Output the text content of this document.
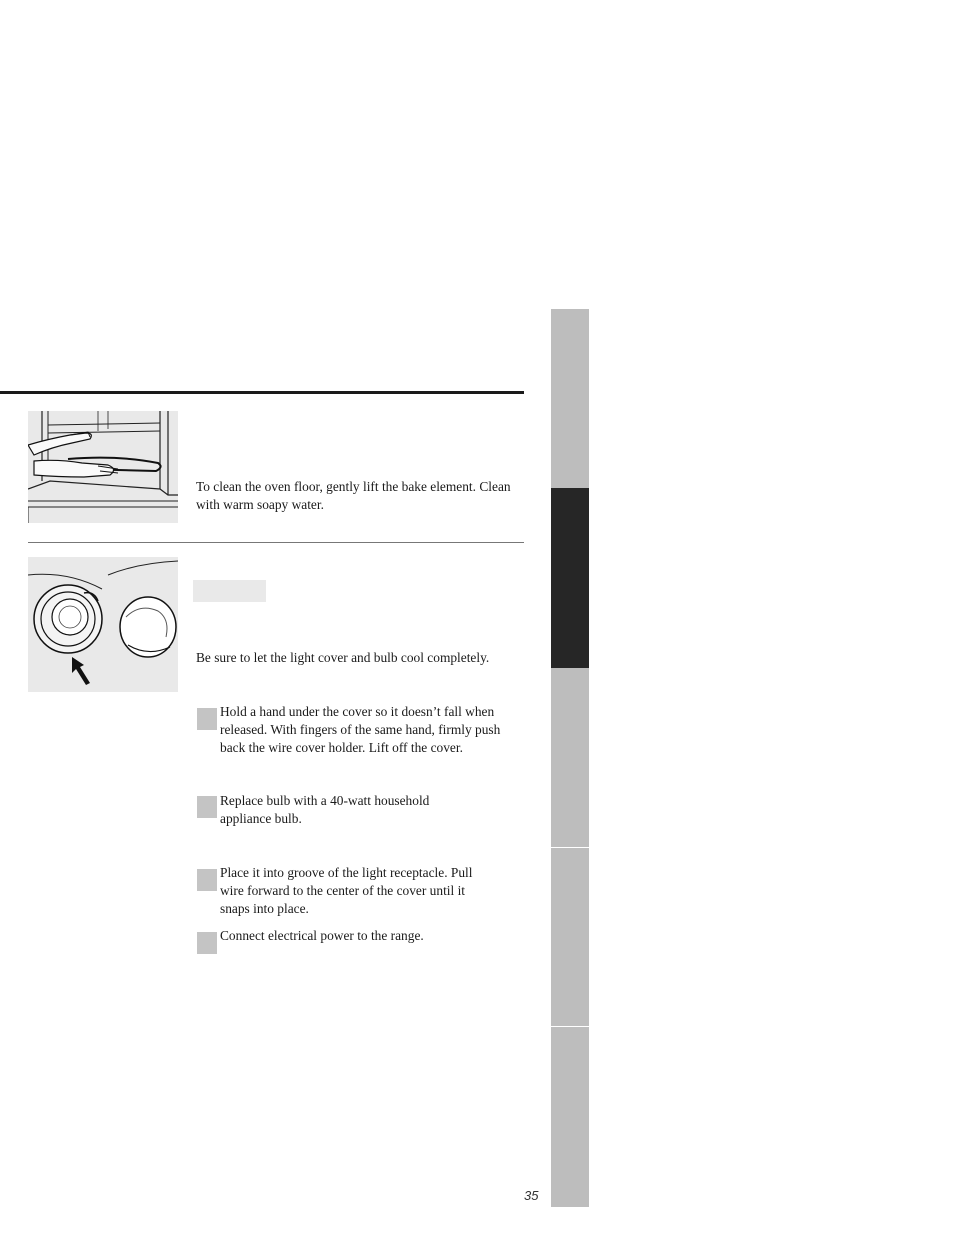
To clean the oven floor, gently lift the bake element. Clean with warm soapy water.

Be sure to let the light cover and bulb cool completely.

Hold a hand under the cover so it doesn’t fall when released. With fingers of the same hand, firmly push back the wire cover holder. Lift off the cover.

Replace bulb with a 40-watt household appliance bulb.

Place it into groove of the light receptacle. Pull wire forward to the center of the cover until it snaps into place.

Connect electrical power to the range.

35
